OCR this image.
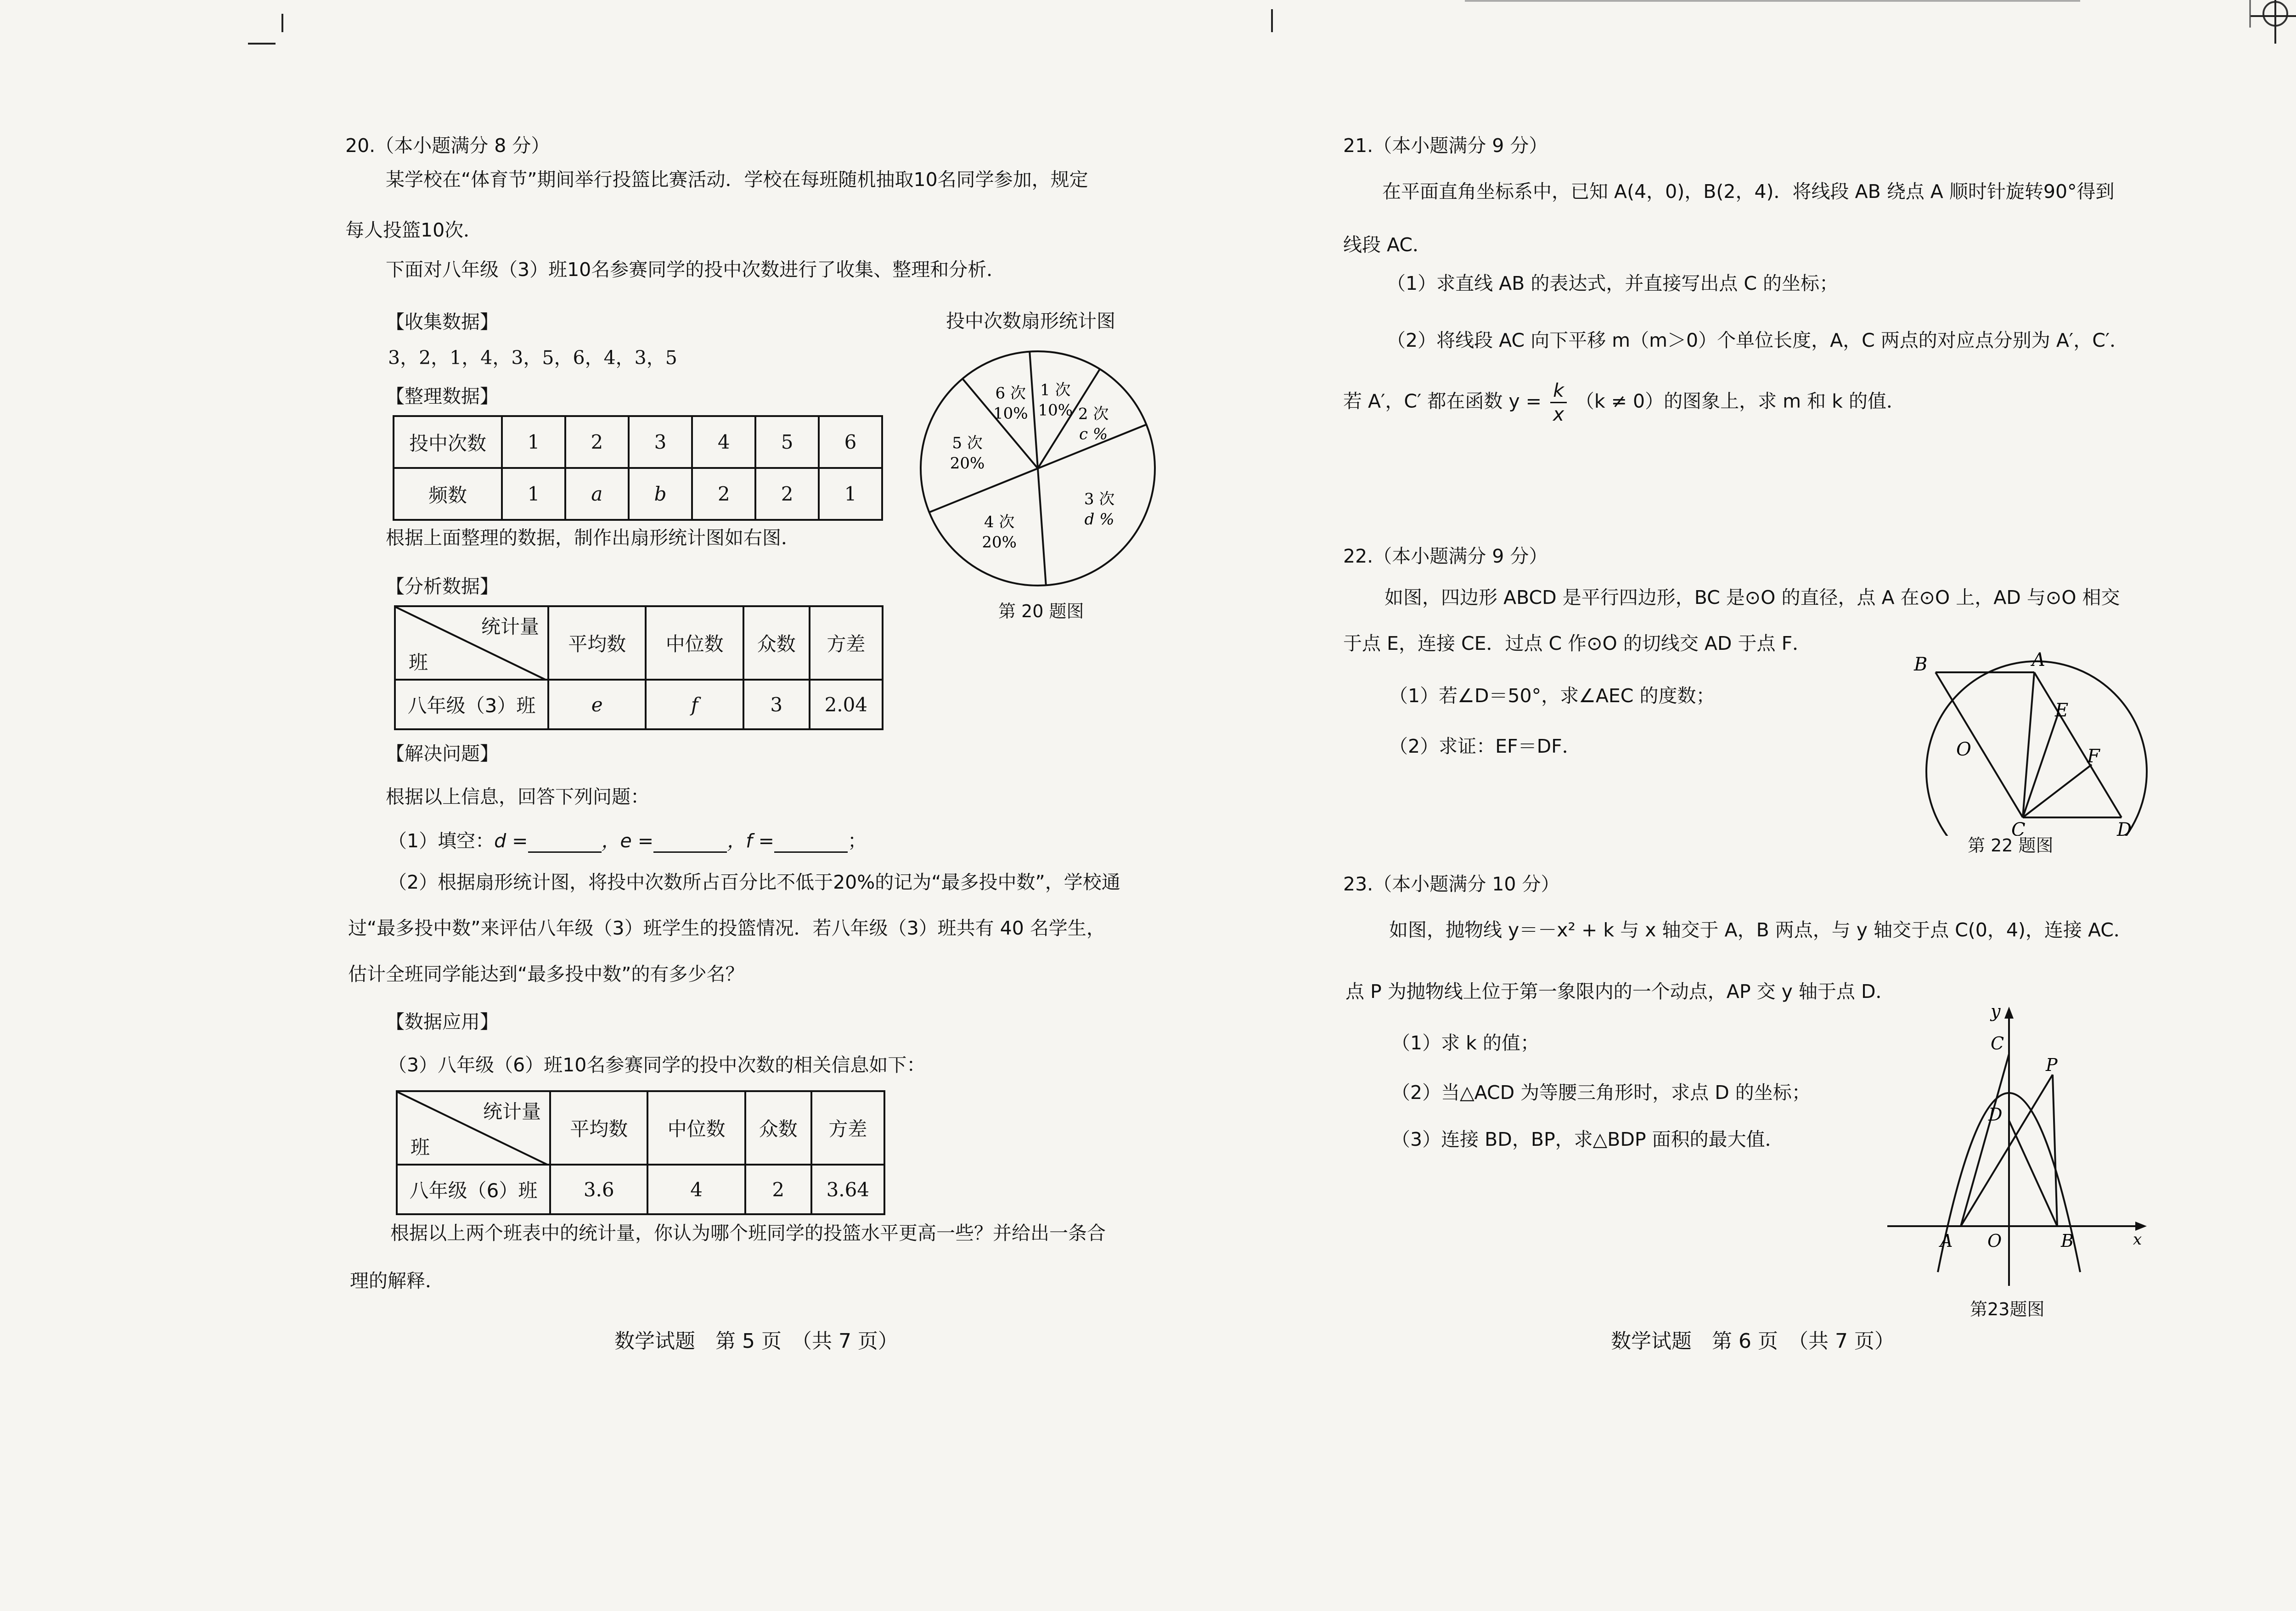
20.（本小题满分 8 分）
某学校在“体育节”期间举行投篮比赛活动．学校在每班随机抽取10名同学参加，规定
每人投篮10次．
下面对八年级（3）班10名参赛同学的投中次数进行了收集、整理和分析．
【收集数据】
3，2，1，4，3，5，6，4，3，5
【整理数据】
投中次数	1	2	3	4	5	6
频数	1	a	b	2	2	1
根据上面整理的数据，制作出扇形统计图如右图．
【分析数据】
统计量
班	平均数	中位数	众数	方差
八年级（3）班	e	f	3	2.04
【解决问题】
根据以上信息，回答下列问题：
（1）填空：d =	，e =	，f =	；
（2）根据扇形统计图，将投中次数所占百分比不低于20%的记为“最多投中数”，学校通
过“最多投中数”来评估八年级（3）班学生的投篮情况．若八年级（3）班共有 40 名学生，
估计全班同学能达到“最多投中数”的有多少名？
【数据应用】
（3）八年级（6）班10名参赛同学的投中次数的相关信息如下：
统计量
班	平均数	中位数	众数	方差
八年级（6）班	3.6	4	2	3.64
根据以上两个班表中的统计量，你认为哪个班同学的投篮水平更高一些？并给出一条合
理的解释．
投中次数扇形统计图
1 次
10% 2 次
c %
3 次
d %
4 次
20%
5 次
20%
6 次
10%
第 20 题图
数学试题　第 5 页　（共 7 页）
21.（本小题满分 9 分）
在平面直角坐标系中，已知 A(4，0)，B(2，4)．将线段 AB 绕点 A 顺时针旋转90°得到
线段 AC．
（1）求直线 AB 的表达式，并直接写出点 C 的坐标；
（2）将线段 AC 向下平移 m（m＞0）个单位长度，A，C 两点的对应点分别为 A′，C′．
若 A′，C′ 都在函数 $y = \frac{k}{x} (k \ne 0)$的图象上，求 m 和 k 的值．
22.（本小题满分 9 分）
如图，四边形 ABCD 是平行四边形，BC 是⊙O 的直径，点 A 在⊙O 上，AD 与⊙O 相交
于点 E，连接 CE．过点 C 作⊙O 的切线交 AD 于点 F．
（1）若∠D＝50°，求∠AEC 的度数；
（2）求证：EF＝DF．
B	A
E
O	F
C	D
第 22 题图
23.（本小题满分 10 分）
如图，抛物线 y＝－x² + k 与 x 轴交于 A，B 两点，与 y 轴交于点 C(0，4)，连接 AC．
点 P 为抛物线上位于第一象限内的一个动点，AP 交 y 轴于点 D．
（1）求 k 的值；
（2）当△ACD 为等腰三角形时，求点 D 的坐标；
（3）连接 BD，BP，求△BDP 面积的最大值．
y
C
P
D
A O	B	x
第23题图
数学试题　第 6 页　（共 7 页）
